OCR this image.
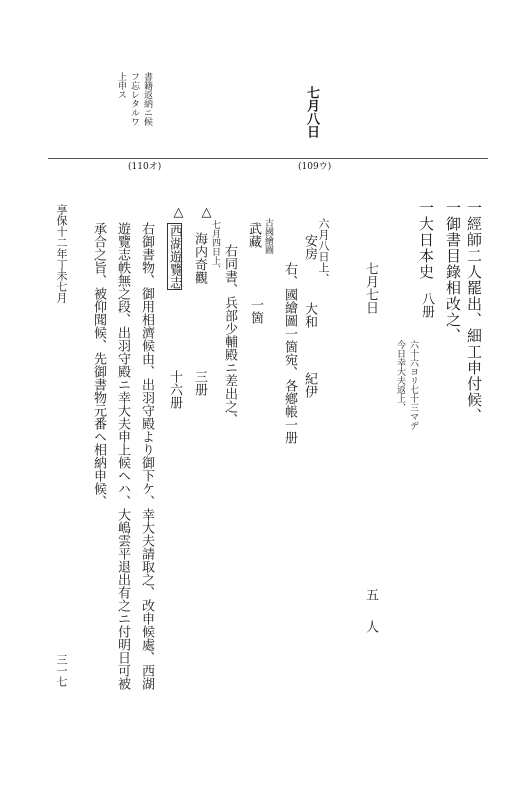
書籍返納ニ候
フ忘レタルワ
上申ス
七月八日
(110オ)	(109ウ)
一經師二人罷出、細工申付候、
一御書目錄相改之、
一大日本史
八册
六十六ヨリ七十三マデ
今日幸大夫返上、
七月七日
五
人
六月八日上、
安房
大和
紀伊
古國繪圖
右、國繪圖一箇宛、各鄕帳一册
武藏
一箇
右同書、兵部少輔殿ニ差出之、
△
七月四日上、
海内奇觀
三册
△
西湖遊覽志
十六册
右御書物、御用相濟候由、出羽守殿より御下ケ、幸大夫請取之、改申候處、西湖
遊覽志帙無之段、出羽守殿ニ幸大夫申上候ヘハ、大嶋雲平退出有之ニ付明日可被
承合之旨、被仰聞候、先御書物元番ヘ相納申候、
享保十二年丁未七月
三一七
